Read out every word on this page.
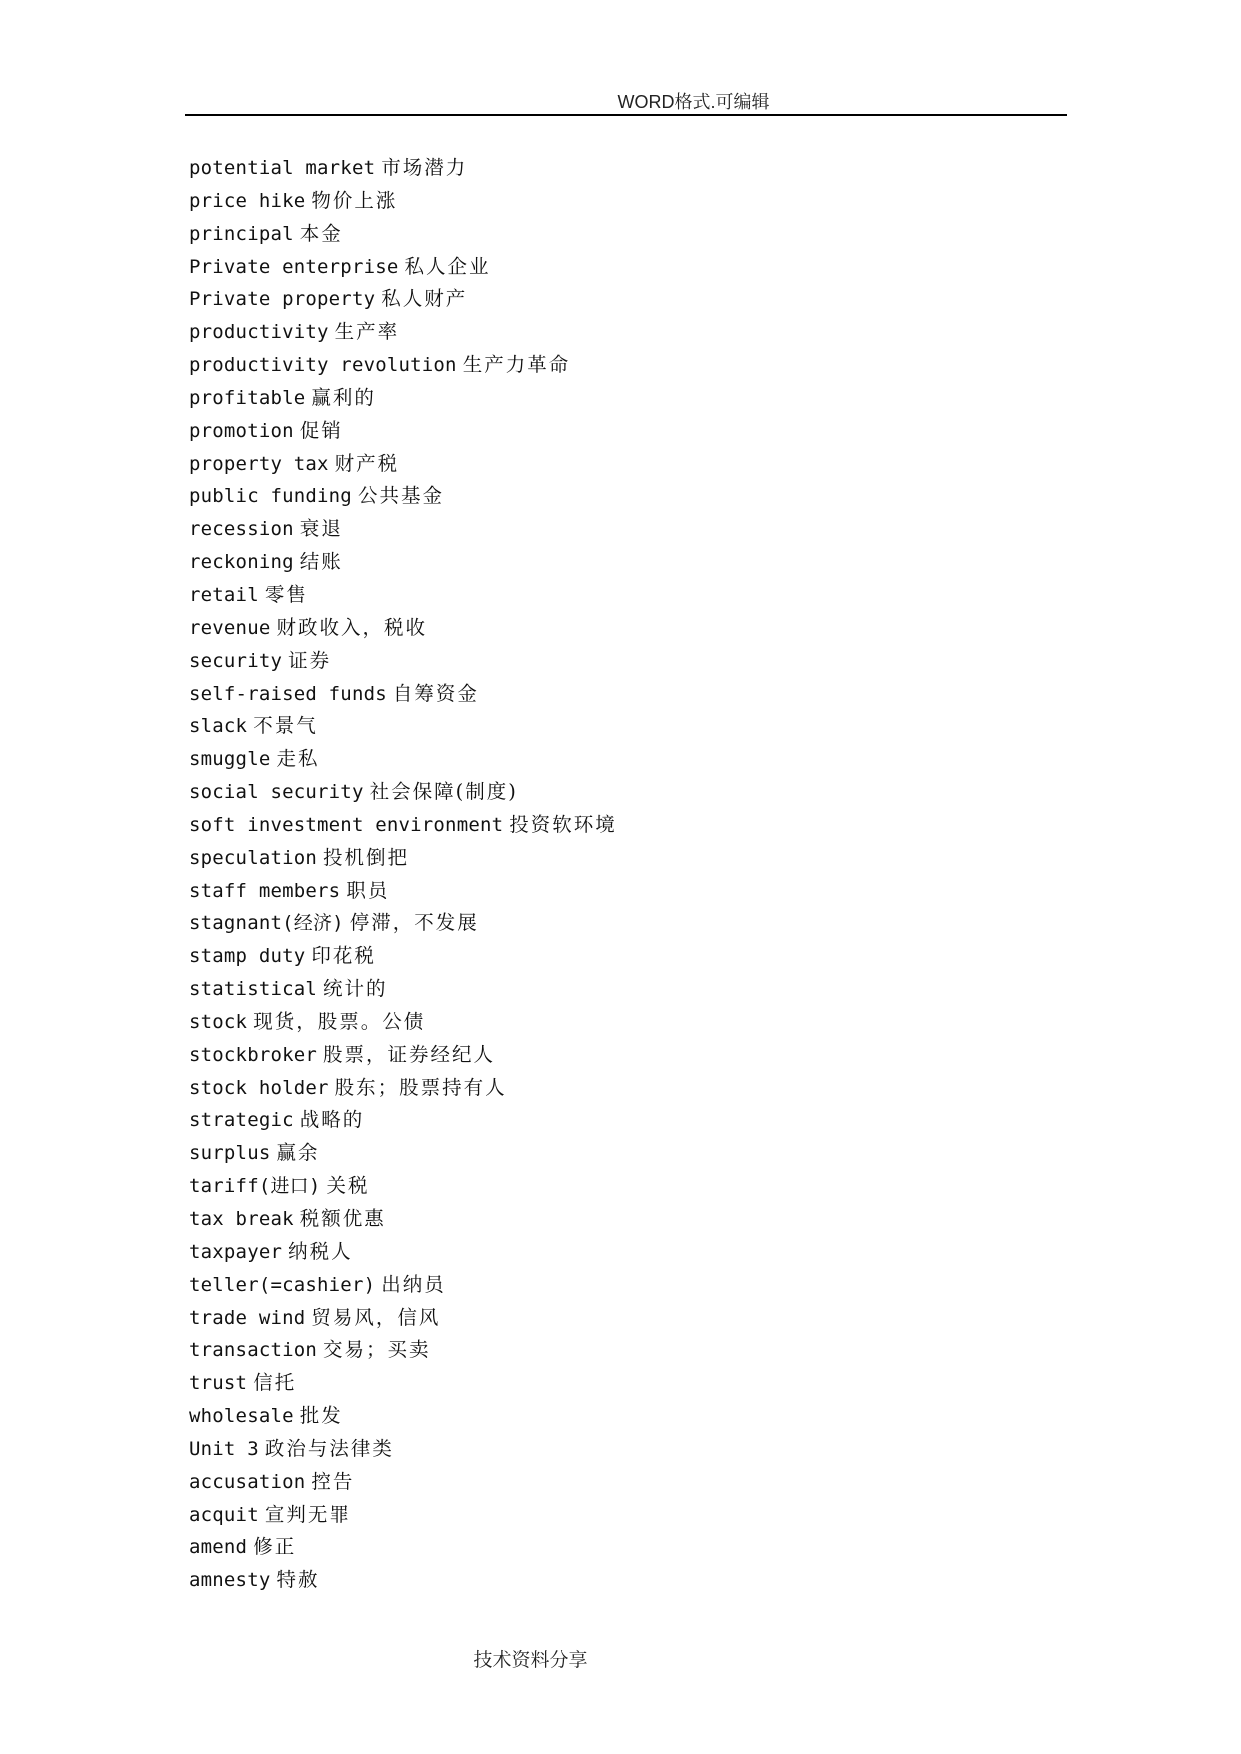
WORD格式.可编辑
potential market 市场潜力
price hike 物价上涨
principal 本金
Private enterprise 私人企业
Private property 私人财产
productivity 生产率
productivity revolution 生产力革命
profitable 赢利的
promotion 促销
property tax 财产税
public funding 公共基金
recession 衰退
reckoning 结账
retail 零售
revenue 财政收入，税收
security 证券
self-raised funds 自筹资金
slack 不景气
smuggle 走私
social security 社会保障(制度)
soft investment environment 投资软环境
speculation 投机倒把
staff members 职员
stagnant(经济) 停滞，不发展
stamp duty 印花税
statistical 统计的
stock 现货，股票。公债
stockbroker 股票，证券经纪人
stock holder 股东；股票持有人
strategic 战略的
surplus 赢余
tariff(进口) 关税
tax break 税额优惠
taxpayer 纳税人
teller(=cashier) 出纳员
trade wind 贸易风，信风
transaction 交易；买卖
trust 信托
wholesale 批发
Unit 3 政治与法律类
accusation 控告
acquit 宣判无罪
amend 修正
amnesty 特赦
技术资料分享
